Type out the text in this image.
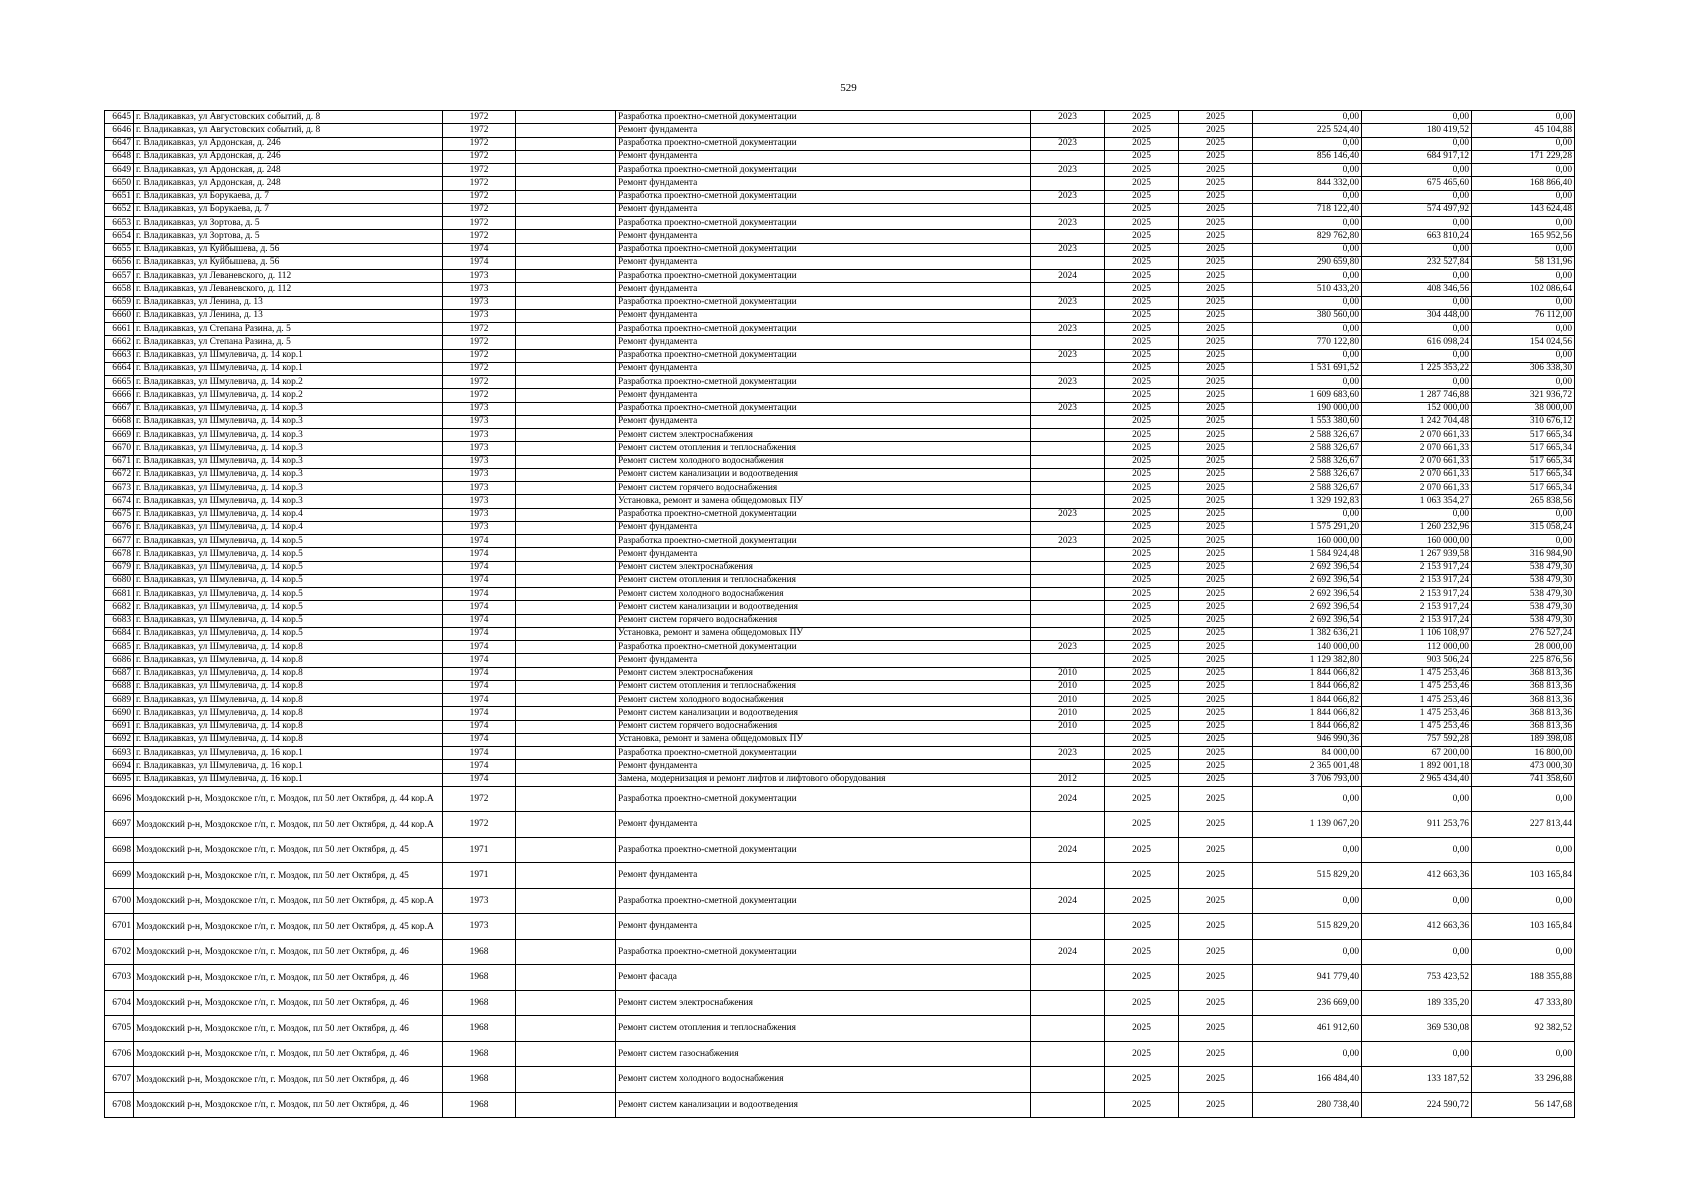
529
6645	г. Владикавказ, ул Августовских событий, д. 8	1972		Разработка проектно-сметной документации	2023	2025	2025	0,00	0,00	0,00
6646	г. Владикавказ, ул Августовских событий, д. 8	1972		Ремонт фундамента		2025	2025	225 524,40	180 419,52	45 104,88
6647	г. Владикавказ, ул Ардонская, д. 246	1972		Разработка проектно-сметной документации	2023	2025	2025	0,00	0,00	0,00
6648	г. Владикавказ, ул Ардонская, д. 246	1972		Ремонт фундамента		2025	2025	856 146,40	684 917,12	171 229,28
6649	г. Владикавказ, ул Ардонская, д. 248	1972		Разработка проектно-сметной документации	2023	2025	2025	0,00	0,00	0,00
6650	г. Владикавказ, ул Ардонская, д. 248	1972		Ремонт фундамента		2025	2025	844 332,00	675 465,60	168 866,40
6651	г. Владикавказ, ул Борукаева, д. 7	1972		Разработка проектно-сметной документации	2023	2025	2025	0,00	0,00	0,00
6652	г. Владикавказ, ул Борукаева, д. 7	1972		Ремонт фундамента		2025	2025	718 122,40	574 497,92	143 624,48
6653	г. Владикавказ, ул Зортова, д. 5	1972		Разработка проектно-сметной документации	2023	2025	2025	0,00	0,00	0,00
6654	г. Владикавказ, ул Зортова, д. 5	1972		Ремонт фундамента		2025	2025	829 762,80	663 810,24	165 952,56
6655	г. Владикавказ, ул Куйбышева, д. 56	1974		Разработка проектно-сметной документации	2023	2025	2025	0,00	0,00	0,00
6656	г. Владикавказ, ул Куйбышева, д. 56	1974		Ремонт фундамента		2025	2025	290 659,80	232 527,84	58 131,96
6657	г. Владикавказ, ул Леваневского, д. 112	1973		Разработка проектно-сметной документации	2024	2025	2025	0,00	0,00	0,00
6658	г. Владикавказ, ул Леваневского, д. 112	1973		Ремонт фундамента		2025	2025	510 433,20	408 346,56	102 086,64
6659	г. Владикавказ, ул Ленина, д. 13	1973		Разработка проектно-сметной документации	2023	2025	2025	0,00	0,00	0,00
6660	г. Владикавказ, ул Ленина, д. 13	1973		Ремонт фундамента		2025	2025	380 560,00	304 448,00	76 112,00
6661	г. Владикавказ, ул Степана Разина, д. 5	1972		Разработка проектно-сметной документации	2023	2025	2025	0,00	0,00	0,00
6662	г. Владикавказ, ул Степана Разина, д. 5	1972		Ремонт фундамента		2025	2025	770 122,80	616 098,24	154 024,56
6663	г. Владикавказ, ул Шмулевича, д. 14 кор.1	1972		Разработка проектно-сметной документации	2023	2025	2025	0,00	0,00	0,00
6664	г. Владикавказ, ул Шмулевича, д. 14 кор.1	1972		Ремонт фундамента		2025	2025	1 531 691,52	1 225 353,22	306 338,30
6665	г. Владикавказ, ул Шмулевича, д. 14 кор.2	1972		Разработка проектно-сметной документации	2023	2025	2025	0,00	0,00	0,00
6666	г. Владикавказ, ул Шмулевича, д. 14 кор.2	1972		Ремонт фундамента		2025	2025	1 609 683,60	1 287 746,88	321 936,72
6667	г. Владикавказ, ул Шмулевича, д. 14 кор.3	1973		Разработка проектно-сметной документации	2023	2025	2025	190 000,00	152 000,00	38 000,00
6668	г. Владикавказ, ул Шмулевича, д. 14 кор.3	1973		Ремонт фундамента		2025	2025	1 553 380,60	1 242 704,48	310 676,12
6669	г. Владикавказ, ул Шмулевича, д. 14 кор.3	1973		Ремонт систем электроснабжения		2025	2025	2 588 326,67	2 070 661,33	517 665,34
6670	г. Владикавказ, ул Шмулевича, д. 14 кор.3	1973		Ремонт систем отопления и теплоснабжения		2025	2025	2 588 326,67	2 070 661,33	517 665,34
6671	г. Владикавказ, ул Шмулевича, д. 14 кор.3	1973		Ремонт систем холодного водоснабжения		2025	2025	2 588 326,67	2 070 661,33	517 665,34
6672	г. Владикавказ, ул Шмулевича, д. 14 кор.3	1973		Ремонт систем канализации и водоотведения		2025	2025	2 588 326,67	2 070 661,33	517 665,34
6673	г. Владикавказ, ул Шмулевича, д. 14 кор.3	1973		Ремонт систем горячего водоснабжения		2025	2025	2 588 326,67	2 070 661,33	517 665,34
6674	г. Владикавказ, ул Шмулевича, д. 14 кор.3	1973		Установка, ремонт и замена общедомовых ПУ		2025	2025	1 329 192,83	1 063 354,27	265 838,56
6675	г. Владикавказ, ул Шмулевича, д. 14 кор.4	1973		Разработка проектно-сметной документации	2023	2025	2025	0,00	0,00	0,00
6676	г. Владикавказ, ул Шмулевича, д. 14 кор.4	1973		Ремонт фундамента		2025	2025	1 575 291,20	1 260 232,96	315 058,24
6677	г. Владикавказ, ул Шмулевича, д. 14 кор.5	1974		Разработка проектно-сметной документации	2023	2025	2025	160 000,00	160 000,00	0,00
6678	г. Владикавказ, ул Шмулевича, д. 14 кор.5	1974		Ремонт фундамента		2025	2025	1 584 924,48	1 267 939,58	316 984,90
6679	г. Владикавказ, ул Шмулевича, д. 14 кор.5	1974		Ремонт систем электроснабжения		2025	2025	2 692 396,54	2 153 917,24	538 479,30
6680	г. Владикавказ, ул Шмулевича, д. 14 кор.5	1974		Ремонт систем отопления и теплоснабжения		2025	2025	2 692 396,54	2 153 917,24	538 479,30
6681	г. Владикавказ, ул Шмулевича, д. 14 кор.5	1974		Ремонт систем холодного водоснабжения		2025	2025	2 692 396,54	2 153 917,24	538 479,30
6682	г. Владикавказ, ул Шмулевича, д. 14 кор.5	1974		Ремонт систем канализации и водоотведения		2025	2025	2 692 396,54	2 153 917,24	538 479,30
6683	г. Владикавказ, ул Шмулевича, д. 14 кор.5	1974		Ремонт систем горячего водоснабжения		2025	2025	2 692 396,54	2 153 917,24	538 479,30
6684	г. Владикавказ, ул Шмулевича, д. 14 кор.5	1974		Установка, ремонт и замена общедомовых ПУ		2025	2025	1 382 636,21	1 106 108,97	276 527,24
6685	г. Владикавказ, ул Шмулевича, д. 14 кор.8	1974		Разработка проектно-сметной документации	2023	2025	2025	140 000,00	112 000,00	28 000,00
6686	г. Владикавказ, ул Шмулевича, д. 14 кор.8	1974		Ремонт фундамента		2025	2025	1 129 382,80	903 506,24	225 876,56
6687	г. Владикавказ, ул Шмулевича, д. 14 кор.8	1974		Ремонт систем электроснабжения	2010	2025	2025	1 844 066,82	1 475 253,46	368 813,36
6688	г. Владикавказ, ул Шмулевича, д. 14 кор.8	1974		Ремонт систем отопления и теплоснабжения	2010	2025	2025	1 844 066,82	1 475 253,46	368 813,36
6689	г. Владикавказ, ул Шмулевича, д. 14 кор.8	1974		Ремонт систем холодного водоснабжения	2010	2025	2025	1 844 066,82	1 475 253,46	368 813,36
6690	г. Владикавказ, ул Шмулевича, д. 14 кор.8	1974		Ремонт систем канализации и водоотведения	2010	2025	2025	1 844 066,82	1 475 253,46	368 813,36
6691	г. Владикавказ, ул Шмулевича, д. 14 кор.8	1974		Ремонт систем горячего водоснабжения	2010	2025	2025	1 844 066,82	1 475 253,46	368 813,36
6692	г. Владикавказ, ул Шмулевича, д. 14 кор.8	1974		Установка, ремонт и замена общедомовых ПУ		2025	2025	946 990,36	757 592,28	189 398,08
6693	г. Владикавказ, ул Шмулевича, д. 16 кор.1	1974		Разработка проектно-сметной документации	2023	2025	2025	84 000,00	67 200,00	16 800,00
6694	г. Владикавказ, ул Шмулевича, д. 16 кор.1	1974		Ремонт фундамента		2025	2025	2 365 001,48	1 892 001,18	473 000,30
6695	г. Владикавказ, ул Шмулевича, д. 16 кор.1	1974		Замена, модернизация и ремонт лифтов и лифтового оборудования	2012	2025	2025	3 706 793,00	2 965 434,40	741 358,60
6696	Моздокский р-н, Моздокское г/п, г. Моздок, пл 50 лет Октября, д. 44 кор.А	1972		Разработка проектно-сметной документации	2024	2025	2025	0,00	0,00	0,00
6697	Моздокский р-н, Моздокское г/п, г. Моздок, пл 50 лет Октября, д. 44 кор.А	1972		Ремонт фундамента		2025	2025	1 139 067,20	911 253,76	227 813,44
6698	Моздокский р-н, Моздокское г/п, г. Моздок, пл 50 лет Октября, д. 45	1971		Разработка проектно-сметной документации	2024	2025	2025	0,00	0,00	0,00
6699	Моздокский р-н, Моздокское г/п, г. Моздок, пл 50 лет Октября, д. 45	1971		Ремонт фундамента		2025	2025	515 829,20	412 663,36	103 165,84
6700	Моздокский р-н, Моздокское г/п, г. Моздок, пл 50 лет Октября, д. 45 кор.А	1973		Разработка проектно-сметной документации	2024	2025	2025	0,00	0,00	0,00
6701	Моздокский р-н, Моздокское г/п, г. Моздок, пл 50 лет Октября, д. 45 кор.А	1973		Ремонт фундамента		2025	2025	515 829,20	412 663,36	103 165,84
6702	Моздокский р-н, Моздокское г/п, г. Моздок, пл 50 лет Октября, д. 46	1968		Разработка проектно-сметной документации	2024	2025	2025	0,00	0,00	0,00
6703	Моздокский р-н, Моздокское г/п, г. Моздок, пл 50 лет Октября, д. 46	1968		Ремонт фасада		2025	2025	941 779,40	753 423,52	188 355,88
6704	Моздокский р-н, Моздокское г/п, г. Моздок, пл 50 лет Октября, д. 46	1968		Ремонт систем электроснабжения		2025	2025	236 669,00	189 335,20	47 333,80
6705	Моздокский р-н, Моздокское г/п, г. Моздок, пл 50 лет Октября, д. 46	1968		Ремонт систем отопления и теплоснабжения		2025	2025	461 912,60	369 530,08	92 382,52
6706	Моздокский р-н, Моздокское г/п, г. Моздок, пл 50 лет Октября, д. 46	1968		Ремонт систем газоснабжения		2025	2025	0,00	0,00	0,00
6707	Моздокский р-н, Моздокское г/п, г. Моздок, пл 50 лет Октября, д. 46	1968		Ремонт систем холодного водоснабжения		2025	2025	166 484,40	133 187,52	33 296,88
6708	Моздокский р-н, Моздокское г/п, г. Моздок, пл 50 лет Октября, д. 46	1968		Ремонт систем канализации и водоотведения		2025	2025	280 738,40	224 590,72	56 147,68
